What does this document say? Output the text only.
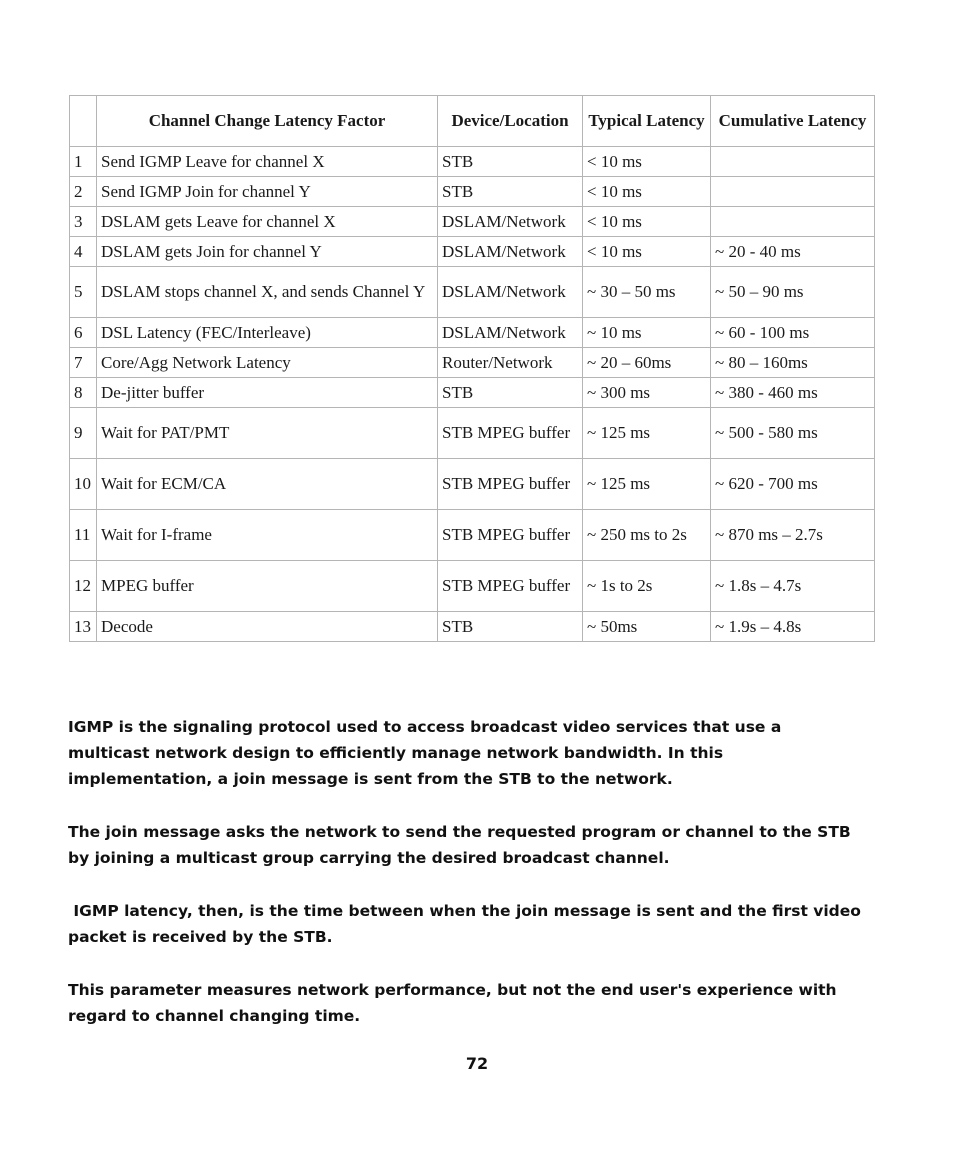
	Channel Change Latency Factor	Device/Location	Typical Latency	Cumulative Latency
1	Send IGMP Leave for channel X	STB	< 10 ms	
2	Send IGMP Join for channel Y	STB	< 10 ms	
3	DSLAM gets Leave for channel X	DSLAM/Network	< 10 ms	
4	DSLAM gets Join for channel Y	DSLAM/Network	< 10 ms	~ 20 - 40 ms
5	DSLAM stops channel X, and sends Channel Y	DSLAM/Network	~ 30 – 50 ms	~ 50 – 90 ms
6	DSL Latency (FEC/Interleave)	DSLAM/Network	~ 10 ms	~ 60 - 100 ms
7	Core/Agg Network Latency	Router/Network	~ 20 – 60ms	~ 80 – 160ms
8	De-jitter buffer	STB	~ 300 ms	~ 380 - 460 ms
9	Wait for PAT/PMT	STB MPEG buffer	~ 125 ms	~ 500 - 580 ms
10	Wait for ECM/CA	STB MPEG buffer	~ 125 ms	~ 620 - 700 ms
11	Wait for I-frame	STB MPEG buffer	~ 250 ms to 2s	~ 870 ms – 2.7s
12	MPEG buffer	STB MPEG buffer	~ 1s to 2s	~ 1.8s – 4.7s
13	Decode	STB	~ 50ms	~ 1.9s – 4.8s

IGMP is the signaling protocol used to access broadcast video services that use a multicast network design to efficiently manage network bandwidth. In this implementation, a join message is sent from the STB to the network.

The join message asks the network to send the requested program or channel to the STB by joining a multicast group carrying the desired broadcast channel.

IGMP latency, then, is the time between when the join message is sent and the first video packet is received by the STB.

This parameter measures network performance, but not the end user's experience with regard to channel changing time.

72
